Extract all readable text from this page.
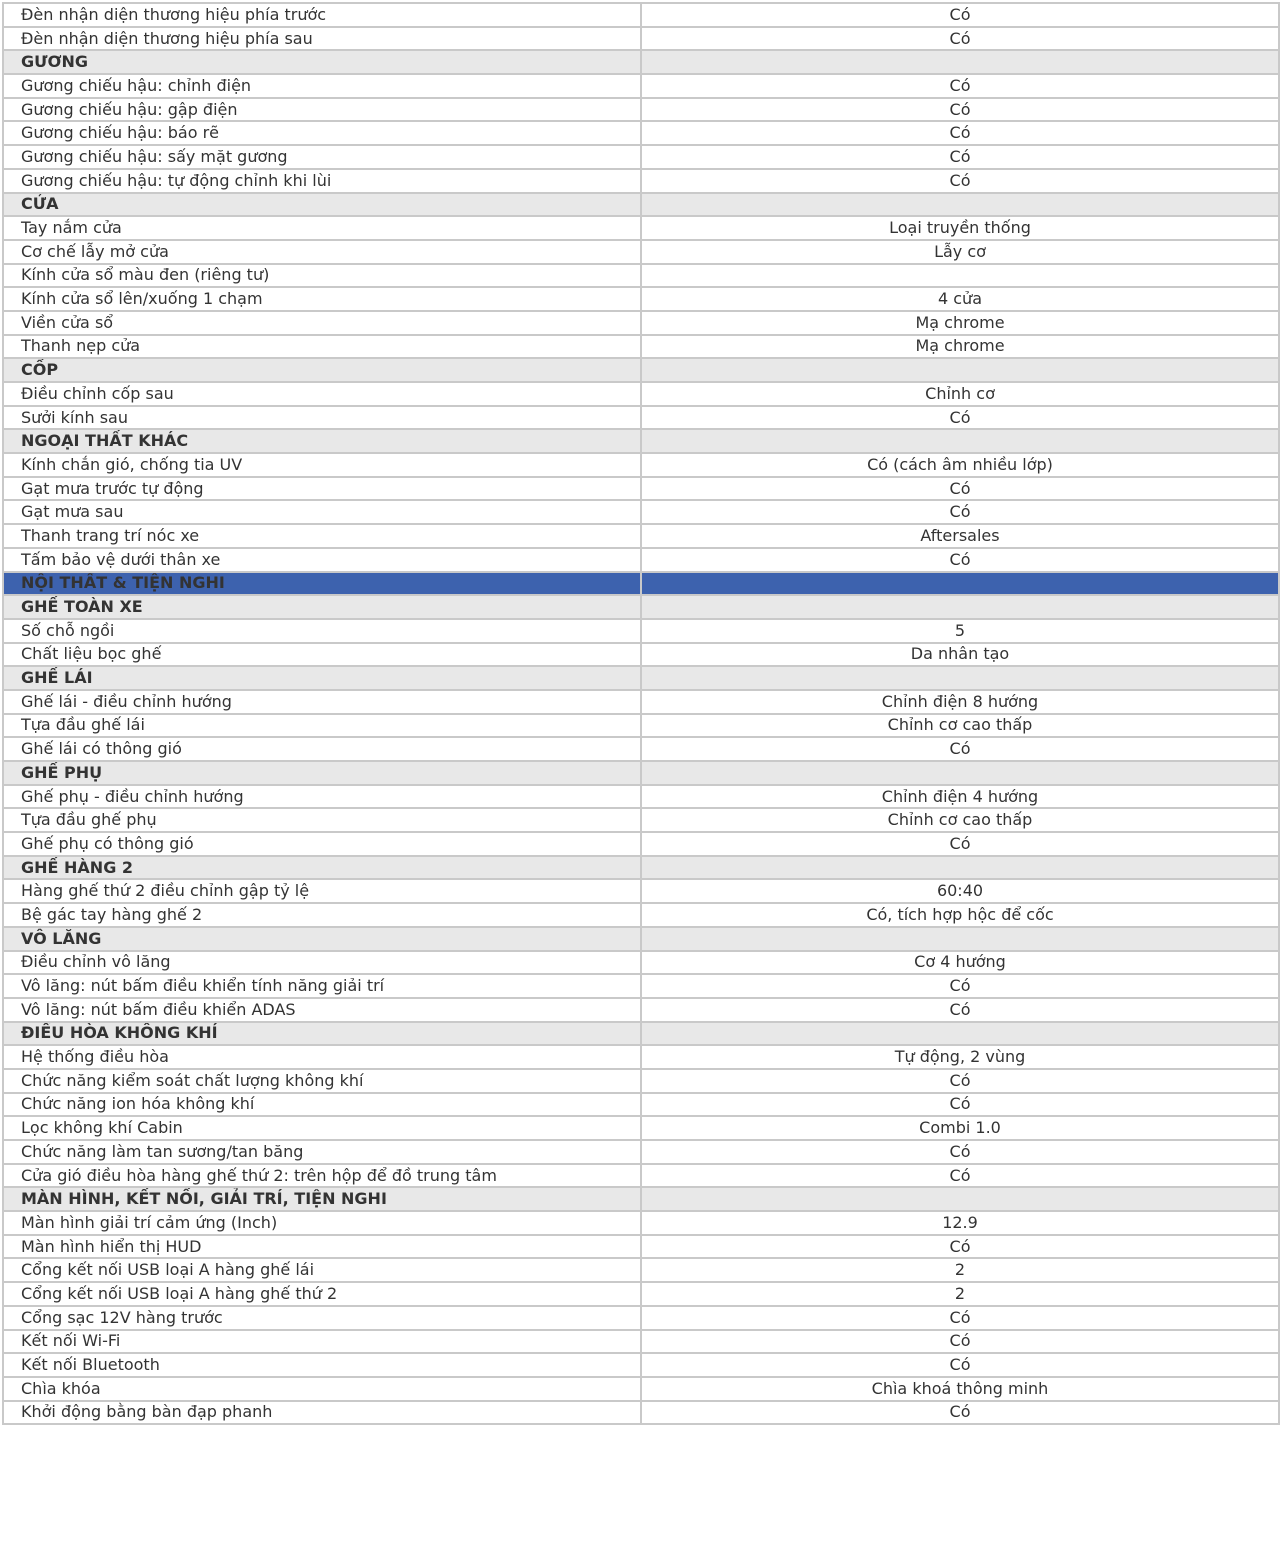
Đèn nhận diện thương hiệu phía trước	Có
Đèn nhận diện thương hiệu phía sau	Có
GƯƠNG	
Gương chiếu hậu: chỉnh điện	Có
Gương chiếu hậu: gập điện	Có
Gương chiếu hậu: báo rẽ	Có
Gương chiếu hậu: sấy mặt gương	Có
Gương chiếu hậu: tự động chỉnh khi lùi	Có
CỬA	
Tay nắm cửa	Loại truyền thống
Cơ chế lẫy mở cửa	Lẫy cơ
Kính cửa sổ màu đen (riêng tư)	
Kính cửa sổ lên/xuống 1 chạm	4 cửa
Viền cửa sổ	Mạ chrome
Thanh nẹp cửa	Mạ chrome
CỐP	
Điều chỉnh cốp sau	Chỉnh cơ
Sưởi kính sau	Có
NGOẠI THẤT KHÁC	
Kính chắn gió, chống tia UV	Có (cách âm nhiều lớp)
Gạt mưa trước tự động	Có
Gạt mưa sau	Có
Thanh trang trí nóc xe	Aftersales
Tấm bảo vệ dưới thân xe	Có
NỘI THẤT & TIỆN NGHI	
GHẾ TOÀN XE	
Số chỗ ngồi	5
Chất liệu bọc ghế	Da nhân tạo
GHẾ LÁI	
Ghế lái - điều chỉnh hướng	Chỉnh điện 8 hướng
Tựa đầu ghế lái	Chỉnh cơ cao thấp
Ghế lái có thông gió	Có
GHẾ PHỤ	
Ghế phụ - điều chỉnh hướng	Chỉnh điện 4 hướng
Tựa đầu ghế phụ	Chỉnh cơ cao thấp
Ghế phụ có thông gió	Có
GHẾ HÀNG 2	
Hàng ghế thứ 2 điều chỉnh gập tỷ lệ	60:40
Bệ gác tay hàng ghế 2	Có, tích hợp hộc để cốc
VÔ LĂNG	
Điều chỉnh vô lăng	Cơ 4 hướng
Vô lăng: nút bấm điều khiển tính năng giải trí	Có
Vô lăng: nút bấm điều khiển ADAS	Có
ĐIỀU HÒA KHÔNG KHÍ	
Hệ thống điều hòa	Tự động, 2 vùng
Chức năng kiểm soát chất lượng không khí	Có
Chức năng ion hóa không khí	Có
Lọc không khí Cabin	Combi 1.0
Chức năng làm tan sương/tan băng	Có
Cửa gió điều hòa hàng ghế thứ 2: trên hộp để đồ trung tâm	Có
MÀN HÌNH, KẾT NỐI, GIẢI TRÍ, TIỆN NGHI	
Màn hình giải trí cảm ứng (Inch)	12.9
Màn hình hiển thị HUD	Có
Cổng kết nối USB loại A hàng ghế lái	2
Cổng kết nối USB loại A hàng ghế thứ 2	2
Cổng sạc 12V hàng trước	Có
Kết nối Wi-Fi	Có
Kết nối Bluetooth	Có
Chìa khóa	Chìa khoá thông minh
Khởi động bằng bàn đạp phanh	Có
